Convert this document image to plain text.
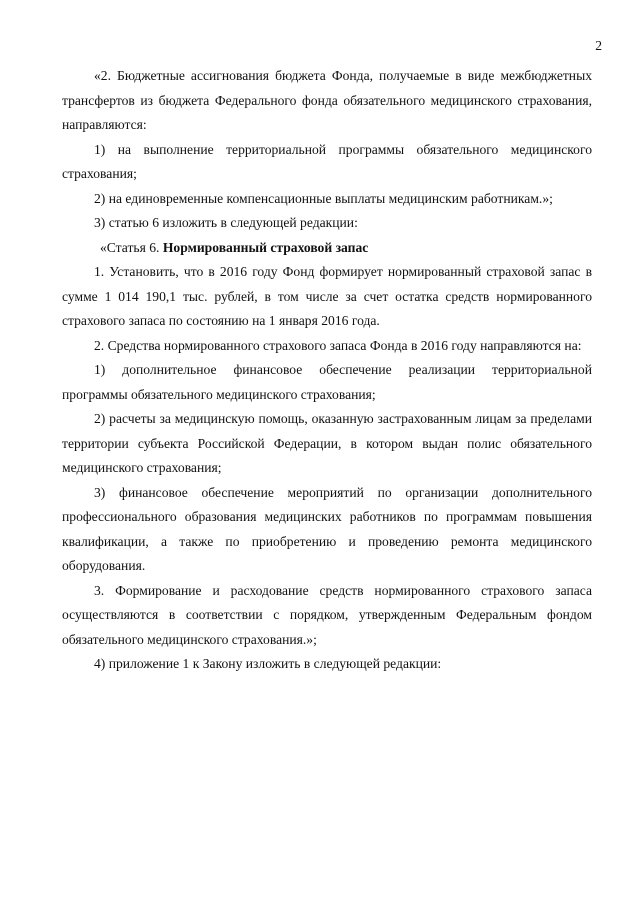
2

«2. Бюджетные ассигнования бюджета Фонда, получаемые в виде межбюджетных трансфертов из бюджета Федерального фонда обязательного медицинского страхования, направляются:

1) на выполнение территориальной программы обязательного медицинского страхования;

2) на единовременные компенсационные выплаты медицинским работникам.»;

3) статью 6 изложить в следующей редакции:

«Статья 6. Нормированный страховой запас

1. Установить, что в 2016 году Фонд формирует нормированный страховой запас в сумме 1 014 190,1 тыс. рублей, в том числе за счет остатка средств нормированного страхового запаса по состоянию на 1 января 2016 года.

2. Средства нормированного страхового запаса Фонда в 2016 году направляются на:

1) дополнительное финансовое обеспечение реализации территориальной программы обязательного медицинского страхования;

2) расчеты за медицинскую помощь, оказанную застрахованным лицам за пределами территории субъекта Российской Федерации, в котором выдан полис обязательного медицинского страхования;

3) финансовое обеспечение мероприятий по организации дополнительного профессионального образования медицинских работников по программам повышения квалификации, а также по приобретению и проведению ремонта медицинского оборудования.

3. Формирование и расходование средств нормированного страхового запаса осуществляются в соответствии с порядком, утвержденным Федеральным фондом обязательного медицинского страхования.»;

4) приложение 1 к Закону изложить в следующей редакции:
